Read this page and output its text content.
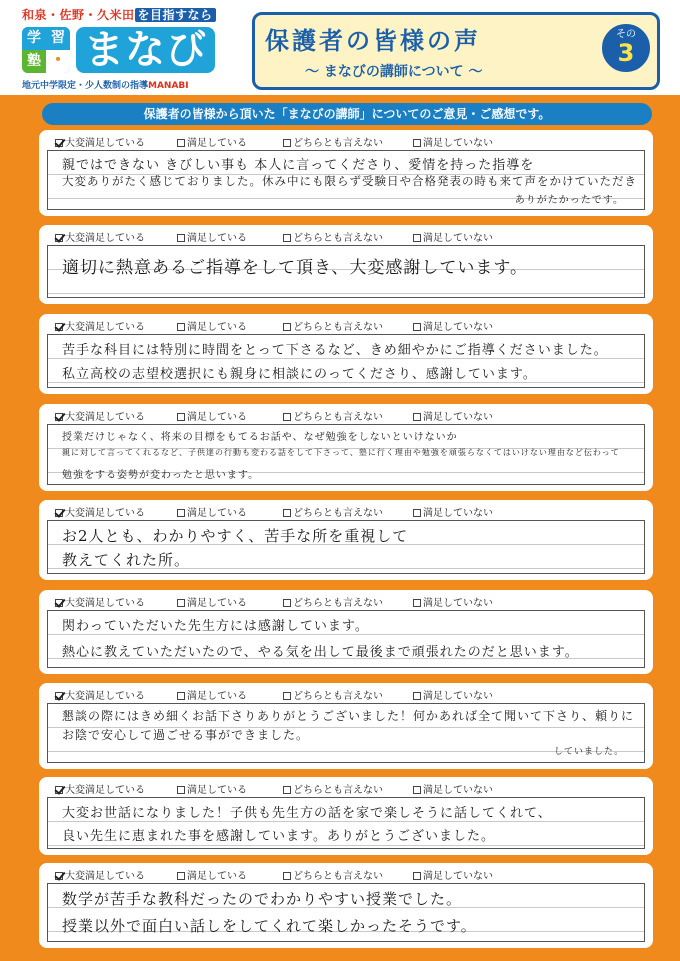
和泉・佐野・久米田 を目指すなら
学 習
塾 ・ まなび
地元中学限定・少人数制の指導MANABI
保護者の皆様の声
〜 まなびの講師について 〜
その
3
保護者の皆様から頂いた「まなびの講師」についてのご意見・ご感想です。
大変満足している	満足している	どちらとも言えない	満足していない
親ではできない きびしい事も 本人に言ってくださり、愛情を持った指導を
大変ありがたく感じておりました。休み中にも限らず受験日や合格発表の時も来て声をかけていただき
ありがたかったです。
大変満足している	満足している	どちらとも言えない	満足していない
適切に熱意あるご指導をして頂き、大変感謝しています。
大変満足している	満足している	どちらとも言えない	満足していない
苦手な科目には特別に時間をとって下さるなど、きめ細やかにご指導くださいました。
私立高校の志望校選択にも親身に相談にのってくださり、感謝しています。
大変満足している	満足している	どちらとも言えない	満足していない
授業だけじゃなく、将来の目標をもてるお話や、なぜ勉強をしないといけないか
親に対して言ってくれるなど、子供達の行動も変わる話をして下さって、塾に行く理由や勉強を頑張らなくてはいけない理由など伝わって
勉強をする姿勢が変わったと思います。
大変満足している	満足している	どちらとも言えない	満足していない
お2人とも、わかりやすく、苦手な所を重視して
教えてくれた所。
大変満足している	満足している	どちらとも言えない	満足していない
関わっていただいた先生方には感謝しています。
熱心に教えていただいたので、やる気を出して最後まで頑張れたのだと思います。
大変満足している	満足している	どちらとも言えない	満足していない
懇談の際にはきめ細くお話下さりありがとうございました！何かあれば全て聞いて下さり、頼りに
お陰で安心して過ごせる事ができました。
していました。
大変満足している	満足している	どちらとも言えない	満足していない
大変お世話になりました！子供も先生方の話を家で楽しそうに話してくれて、
良い先生に恵まれた事を感謝しています。ありがとうございました。
大変満足している	満足している	どちらとも言えない	満足していない
数学が苦手な教科だったのでわかりやすい授業でした。
授業以外で面白い話しをしてくれて楽しかったそうです。
